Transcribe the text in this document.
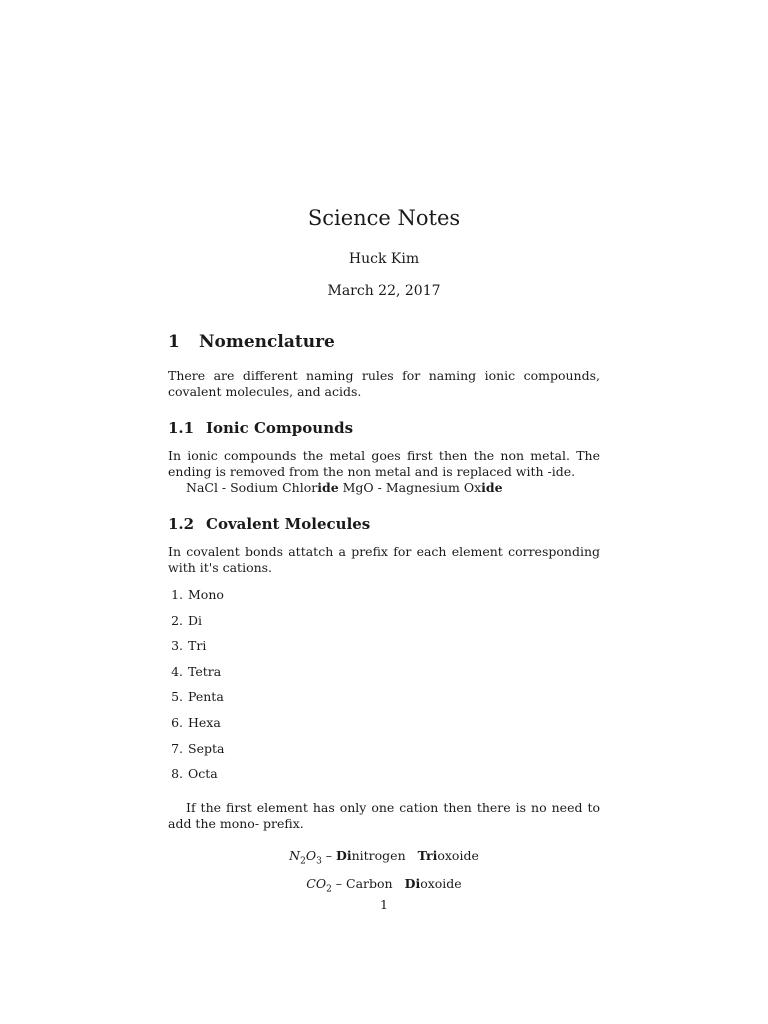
Science Notes
Huck Kim
March 22, 2017
1 Nomenclature

There are different naming rules for naming ionic compounds, covalent molecules, and acids.

1.1 Ionic Compounds

In ionic compounds the metal goes first then the non metal. The ending is removed from the non metal and is replaced with -ide.

NaCl - Sodium Chloride MgO - Magnesium Oxide
1.2 Covalent Molecules

In covalent bonds attatch a prefix for each element corresponding with it's cations.

1. Mono
2. Di
3. Tri
4. Tetra
5. Penta
6. Hexa
7. Septa
8. Octa

If the first element has only one cation then there is no need to add the mono- prefix.

$N_2O_3$ – Dinitrogen Trioxoide
$CO_2$ – Carbon Dioxoide
1
